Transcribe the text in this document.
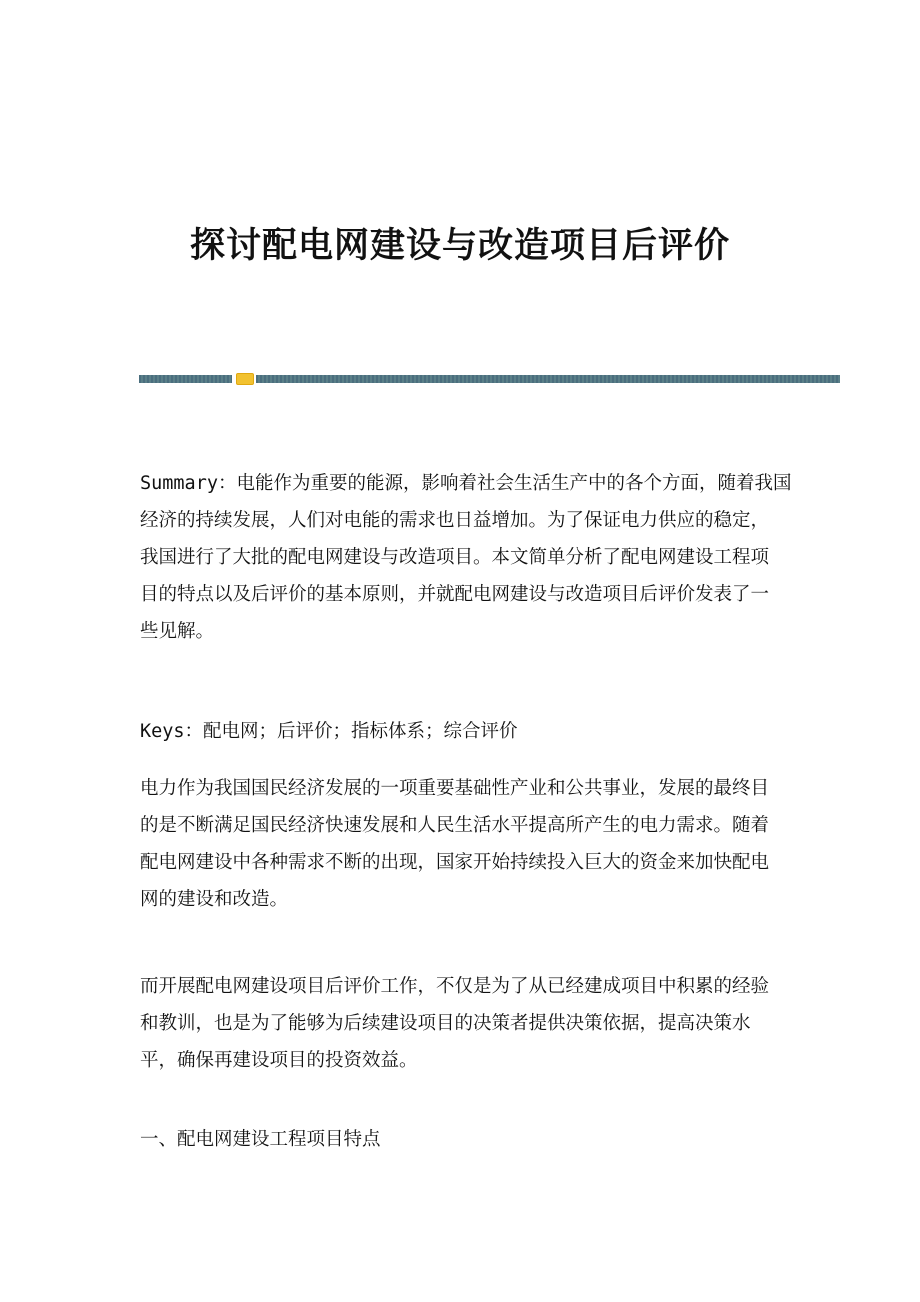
探讨配电网建设与改造项目后评价
Summary：电能作为重要的能源，影响着社会生活生产中的各个方面，随着我国
经济的持续发展，人们对电能的需求也日益增加。为了保证电力供应的稳定，
我国进行了大批的配电网建设与改造项目。本文简单分析了配电网建设工程项
目的特点以及后评价的基本原则，并就配电网建设与改造项目后评价发表了一
些见解。
Keys：配电网；后评价；指标体系；综合评价
电力作为我国国民经济发展的一项重要基础性产业和公共事业，发展的最终目
的是不断满足国民经济快速发展和人民生活水平提高所产生的电力需求。随着
配电网建设中各种需求不断的出现，国家开始持续投入巨大的资金来加快配电
网的建设和改造。
而开展配电网建设项目后评价工作，不仅是为了从已经建成项目中积累的经验
和教训，也是为了能够为后续建设项目的决策者提供决策依据，提高决策水
平，确保再建设项目的投资效益。
一、配电网建设工程项目特点
